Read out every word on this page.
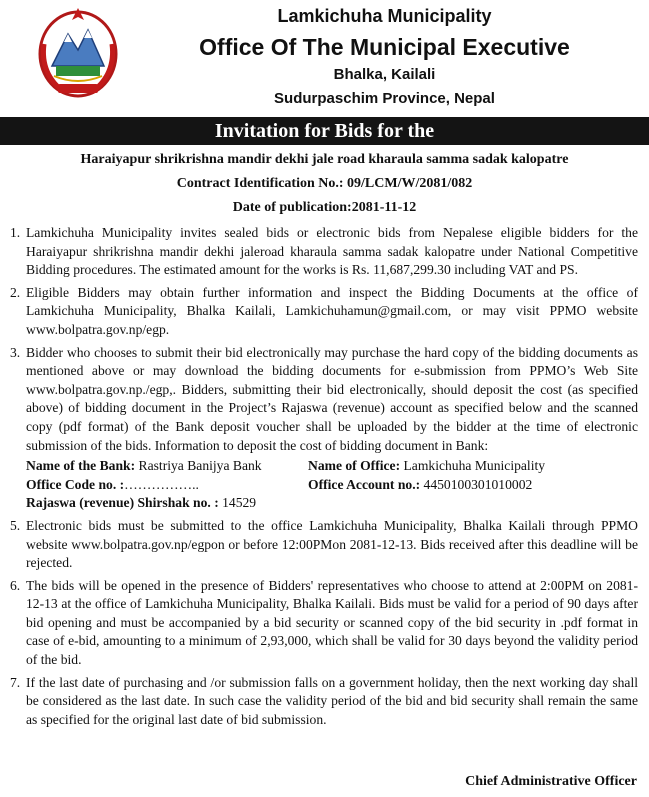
Lamkichuha Municipality
Office Of The Municipal Executive
Bhalka, Kailali
Sudurpaschim Province, Nepal
Invitation for Bids for the
Haraiyapur shrikrishna mandir dekhi jale road kharaula samma sadak kalopatre
Contract Identification No.: 09/LCM/W/2081/082
Date of publication:2081-11-12
1. Lamkichuha Municipality invites sealed bids or electronic bids from Nepalese eligible bidders for the Haraiyapur shrikrishna mandir dekhi jaleroad kharaula samma sadak kalopatre under National Competitive Bidding procedures. The estimated amount for the works is Rs. 11,687,299.30 including VAT and PS.
2. Eligible Bidders may obtain further information and inspect the Bidding Documents at the office of Lamkichuha Municipality, Bhalka Kailali, Lamkichuhamun@gmail.com, or may visit PPMO website www.bolpatra.gov.np/egp.
3. Bidder who chooses to submit their bid electronically may purchase the hard copy of the bidding documents as mentioned above or may download the bidding documents for e-submission from PPMO’s Web Site www.bolpatra.gov.np./egp,. Bidders, submitting their bid electronically, should deposit the cost (as specified above) of bidding document in the Project’s Rajaswa (revenue) account as specified below and the scanned copy (pdf format) of the Bank deposit voucher shall be uploaded by the bidder at the time of electronic submission of the bids. Information to deposit the cost of bidding document in Bank:
Name of the Bank: Rastriya Banijya Bank	Name of Office: Lamkichuha Municipality
Office Code no. :……………..	Office Account no.: 4450100301010002
Rajaswa (revenue) Shirshak no. : 14529
5. Electronic bids must be submitted to the office Lamkichuha Municipality, Bhalka Kailali through PPMO website www.bolpatra.gov.np/egpon or before 12:00PMon 2081-12-13. Bids received after this deadline will be rejected.
6. The bids will be opened in the presence of Bidders' representatives who choose to attend at 2:00PM on 2081-12-13 at the office of Lamkichuha Municipality, Bhalka Kailali. Bids must be valid for a period of 90 days after bid opening and must be accompanied by a bid security or scanned copy of the bid security in .pdf format in case of e-bid, amounting to a minimum of 2,93,000, which shall be valid for 30 days beyond the validity period of the bid.
7. If the last date of purchasing and /or submission falls on a government holiday, then the next working day shall be considered as the last date. In such case the validity period of the bid and bid security shall remain the same as specified for the original last date of bid submission.
Chief Administrative Officer
